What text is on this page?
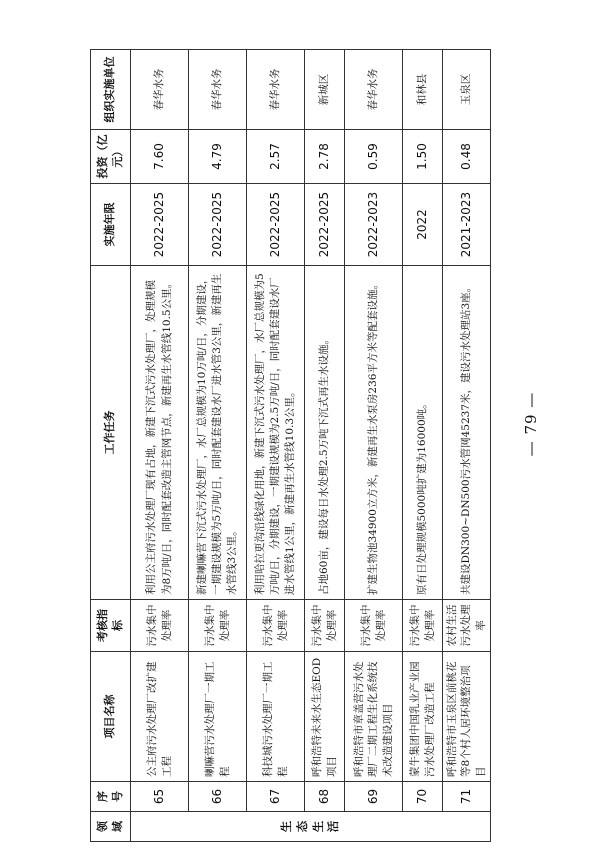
— 79 —
领域	序号	项目名称	考核指标	工作任务	实施年限	投资（亿元）	组织实施单位
生态生活	65	公主府污水处理厂改扩建工程	污水集中处理率	利用公主府污水处理厂现有占地，新建下沉式污水处理厂，处理规模为8万吨/日，同时配套改造主管网节点，新建再生水管线10.5公里。	2022-2025	7.60	春华水务
	66	喇嘛营污水处理厂一期工程	污水集中处理率	新建喇嘛营下沉式污水处理厂，水厂总规模为10万吨/日，分期建设，一期建设规模为5万吨/日，同时配套建设水厂进水管3公里，新建再生水管线3公里。	2022-2025	4.79	春华水务
	67	科技城污水处理厂一期工程	污水集中处理率	利用哈拉更沟沿线绿化用地，新建下沉式污水处理厂，水厂总规模为5万吨/日，分期建设，一期建设规模为2.5万吨/日，同时配套建设水厂进水管线1公里，新建再生水管线10.3公里。	2022-2025	2.57	春华水务
	68	呼和浩特未来水生态EOD项目	污水集中处理率	占地60亩，建设每日水处理2.5万吨下沉式再生水设施。	2022-2025	2.78	新城区
	69	呼和浩特市章盖营污水处理厂二期工程生化系统技术改造建设项目	污水集中处理率	扩建生物池34900立方米，新建再生水泵房236平方米等配套设施。	2022-2023	0.59	春华水务
	70	蒙牛集团中国乳业产业园污水处理厂改造工程	污水集中处理率	原有日处理规模5000吨扩建为16000吨。	2022	1.50	和林县
	71	呼和浩特市玉泉区前桃花等8个村人居环境整治项目	农村生活污水处理率	共建设DN300~DN500污水管网45237米，建设污水处理站3座。	2021-2023	0.48	玉泉区
